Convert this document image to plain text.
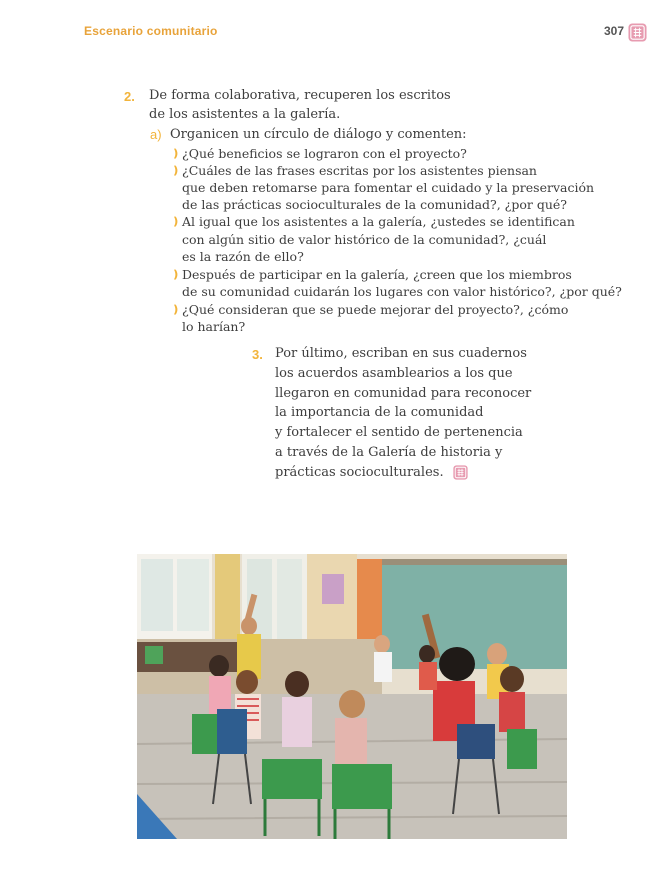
Escenario comunitario	307
2. De forma colaborativa, recuperen los escritos
de los asistentes a la galería.
a) Organicen un círculo de diálogo y comenten:
❫ ¿Qué beneficios se lograron con el proyecto?
❫ ¿Cuáles de las frases escritas por los asistentes piensan
que deben retomarse para fomentar el cuidado y la preservación
de las prácticas socioculturales de la comunidad?, ¿por qué?
❫ Al igual que los asistentes a la galería, ¿ustedes se identifican
con algún sitio de valor histórico de la comunidad?, ¿cuál
es la razón de ello?
❫ Después de participar en la galería, ¿creen que los miembros
de su comunidad cuidarán los lugares con valor histórico?, ¿por qué?
❫ ¿Qué consideran que se puede mejorar del proyecto?, ¿cómo
lo harían?
3. Por último, escriban en sus cuadernos
los acuerdos asamblearios a los que
llegaron en comunidad para reconocer
la importancia de la comunidad
y fortalecer el sentido de pertenencia
a través de la Galería de historia y
prácticas socioculturales.
